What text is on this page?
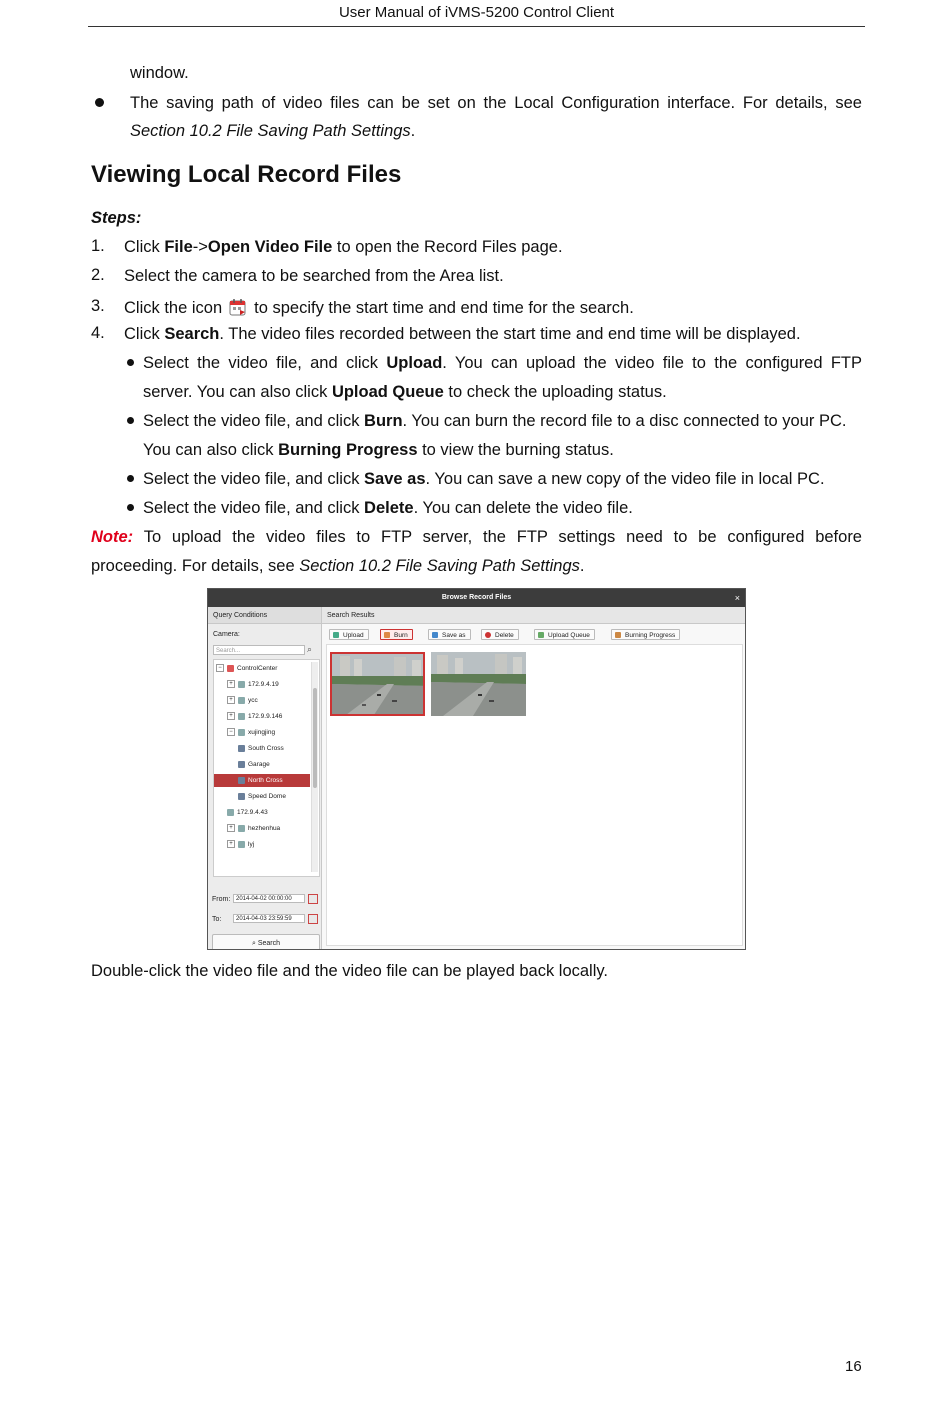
User Manual of iVMS-5200 Control Client
window.
The saving path of video files can be set on the Local Configuration interface. For details, see
Section 10.2 File Saving Path Settings.
Viewing Local Record Files
Steps:
1. Click File->Open Video File to open the Record Files page.
2. Select the camera to be searched from the Area list.
3. Click the icon to specify the start time and end time for the search.
4. Click Search. The video files recorded between the start time and end time will be displayed.
Select the video file, and click Upload. You can upload the video file to the configured FTP
server. You can also click Upload Queue to check the uploading status.
Select the video file, and click Burn. You can burn the record file to a disc connected to your PC.
You can also click Burning Progress to view the burning status.
Select the video file, and click Save as. You can save a new copy of the video file in local PC.
Select the video file, and click Delete. You can delete the video file.
Note: To upload the video files to FTP server, the FTP settings need to be configured before
proceeding. For details, see Section 10.2 File Saving Path Settings.
Browse Record Files	×
Query Conditions
Camera:
Search...	⌕
− ControlCenter
+ 172.9.4.19
+ ycc
+ 172.9.9.146
− xujingjing
South Cross
Garage
North Cross
Speed Dome
172.9.4.43
+ hezhenhua
+ lyj
From: 2014-04-02 00:00:00
To:	2014-04-03 23:59:59
⌕ Search
Search Results
Upload	Burn	Save as	Delete	Upload Queue	Burning Progress
Double-click the video file and the video file can be played back locally.
16
